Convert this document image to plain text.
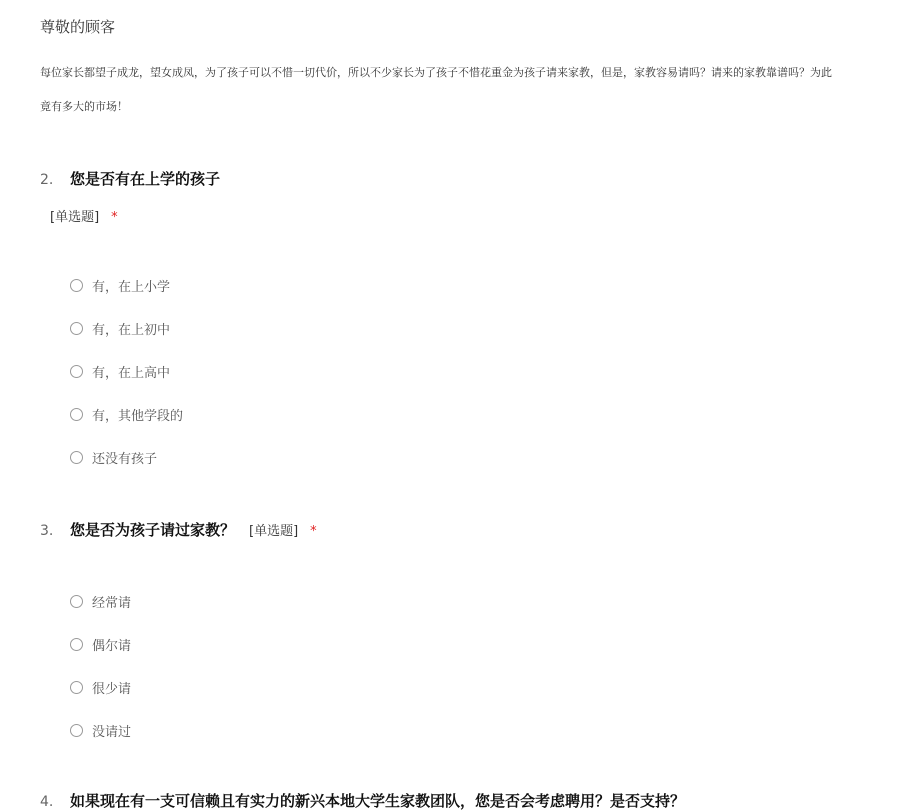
尊敬的顾客
每位家长都望子成龙，望女成凤，为了孩子可以不惜一切代价，所以不少家长为了孩子不惜花重金为孩子请来家教，但是，家教容易请吗？请来的家教靠谱吗？为此
竟有多大的市场！
2. 您是否有在上学的孩子
[单选题] *
有，在上小学
有，在上初中
有，在上高中
有，其他学段的
还没有孩子
3. 您是否为孩子请过家教？ [单选题] *
经常请
偶尔请
很少请
没请过
4. 如果现在有一支可信赖且有实力的新兴本地大学生家教团队，您是否会考虑聘用？是否支持？
